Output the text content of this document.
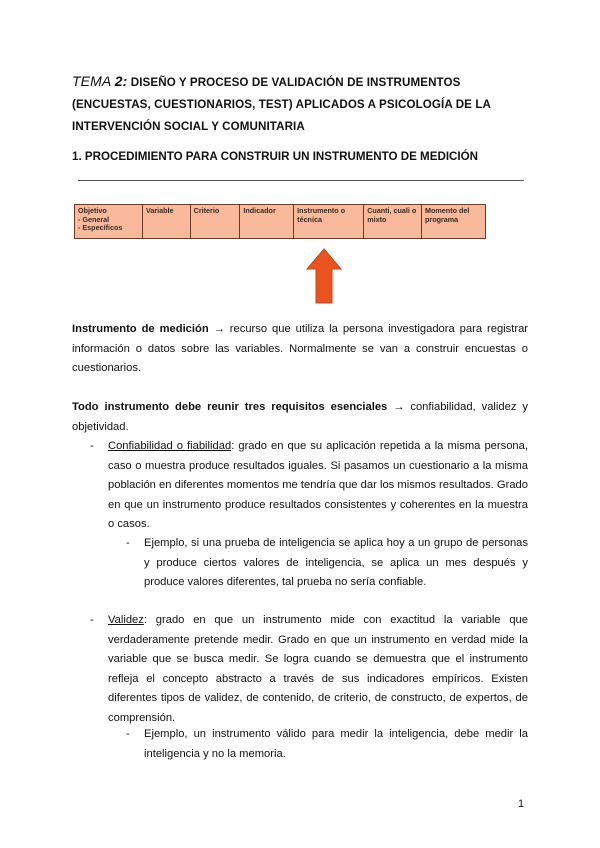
TEMA 2: DISEÑO Y PROCESO DE VALIDACIÓN DE INSTRUMENTOS (ENCUESTAS, CUESTIONARIOS, TEST) APLICADOS A PSICOLOGÍA DE LA INTERVENCIÓN SOCIAL Y COMUNITARIA
1. PROCEDIMIENTO PARA CONSTRUIR UN INSTRUMENTO DE MEDICIÓN
Objetivo
- General
- Específicos
	Variable	Criterio	Indicador	Instrumento o técnica	Cuanti, cuali o mixto	Momento del programa
Instrumento de medición → recurso que utiliza la persona investigadora para registrar información o datos sobre las variables. Normalmente se van a construir encuestas o cuestionarios.
Todo instrumento debe reunir tres requisitos esenciales → confiabilidad, validez y objetividad.
- Confiabilidad o fiabilidad: grado en que su aplicación repetida a la misma persona, caso o muestra produce resultados iguales. Si pasamos un cuestionario a la misma población en diferentes momentos me tendría que dar los mismos resultados. Grado en que un instrumento produce resultados consistentes y coherentes en la muestra o casos.
- Ejemplo, si una prueba de inteligencia se aplica hoy a un grupo de personas y produce ciertos valores de inteligencia, se aplica un mes después y produce valores diferentes, tal prueba no sería confiable.
- Validez: grado en que un instrumento mide con exactitud la variable que verdaderamente pretende medir. Grado en que un instrumento en verdad mide la variable que se busca medir. Se logra cuando se demuestra que el instrumento refleja el concepto abstracto a través de sus indicadores empíricos. Existen diferentes tipos de validez, de contenido, de criterio, de constructo, de expertos, de comprensión.
- Ejemplo, un instrumento válido para medir la inteligencia, debe medir la inteligencia y no la memoria.
1
